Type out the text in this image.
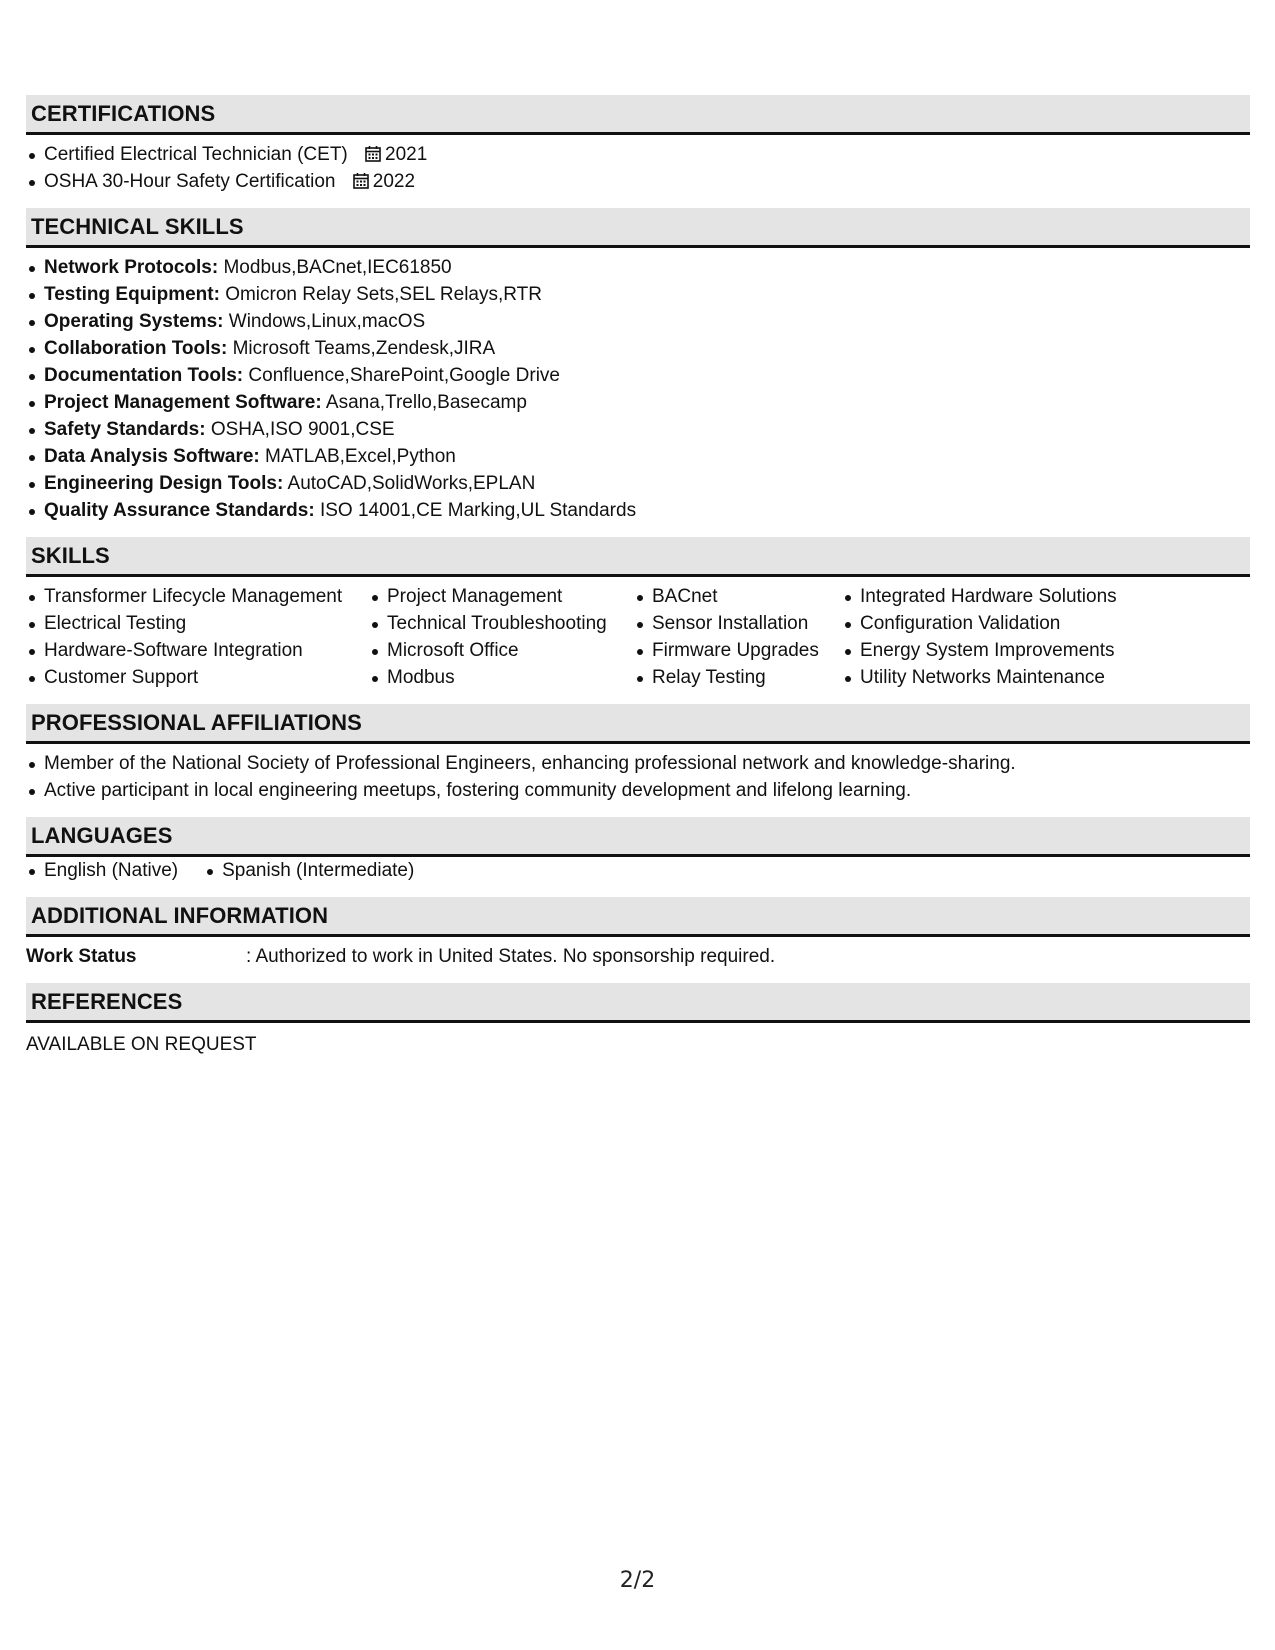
CERTIFICATIONS
Certified Electrical Technician (CET) 2021
OSHA 30-Hour Safety Certification 2022
TECHNICAL SKILLS
Network Protocols: Modbus,BACnet,IEC61850
Testing Equipment: Omicron Relay Sets,SEL Relays,RTR
Operating Systems: Windows,Linux,macOS
Collaboration Tools: Microsoft Teams,Zendesk,JIRA
Documentation Tools: Confluence,SharePoint,Google Drive
Project Management Software: Asana,Trello,Basecamp
Safety Standards: OSHA,ISO 9001,CSE
Data Analysis Software: MATLAB,Excel,Python
Engineering Design Tools: AutoCAD,SolidWorks,EPLAN
Quality Assurance Standards: ISO 14001,CE Marking,UL Standards
SKILLS
Transformer Lifecycle Management
Electrical Testing
Hardware-Software Integration
Customer Support
Project Management
Technical Troubleshooting
Microsoft Office
Modbus
BACnet
Sensor Installation
Firmware Upgrades
Relay Testing
Integrated Hardware Solutions
Configuration Validation
Energy System Improvements
Utility Networks Maintenance
PROFESSIONAL AFFILIATIONS
Member of the National Society of Professional Engineers, enhancing professional network and knowledge-sharing.
Active participant in local engineering meetups, fostering community development and lifelong learning.
LANGUAGES
English (Native)	Spanish (Intermediate)
ADDITIONAL INFORMATION
Work Status	: Authorized to work in United States. No sponsorship required.
REFERENCES
AVAILABLE ON REQUEST
2/2
